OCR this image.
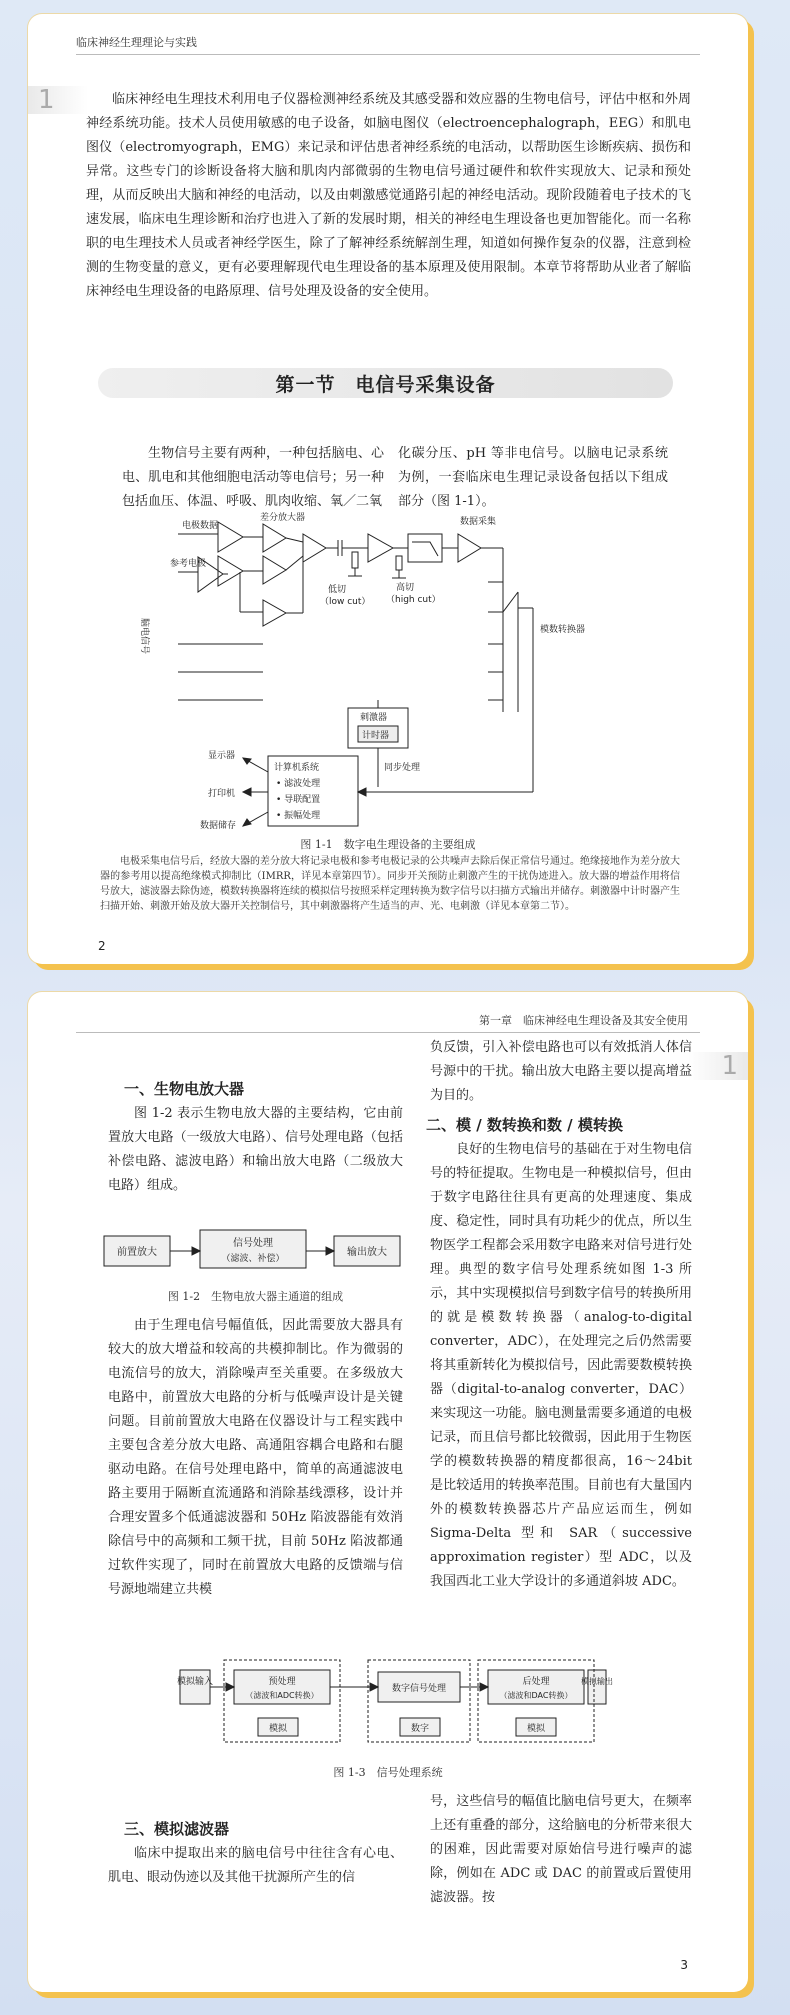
临床神经生理理论与实践
1	临床神经电生理技术利用电子仪器检测神经系统及其感受器和效应器的生物电信号，评估中枢和外周神经系统功能。技术人员使用敏感的电子设备，如脑电图仪（electroencephalograph，EEG）和肌电图仪（electromyograph，EMG）来记录和评估患者神经系统的电活动，以帮助医生诊断疾病、损伤和异常。这些专门的诊断设备将大脑和肌肉内部微弱的生物电信号通过硬件和软件实现放大、记录和预处理，从而反映出大脑和神经的电活动，以及由刺激感觉通路引起的神经电活动。现阶段随着电子技术的飞速发展，临床电生理诊断和治疗也进入了新的发展时期，相关的神经电生理设备也更加智能化。而一名称职的电生理技术人员或者神经学医生，除了了解神经系统解剖生理，知道如何操作复杂的仪器，注意到检测的生物变量的意义，更有必要理解现代电生理设备的基本原理及使用限制。本章节将帮助从业者了解临床神经电生理设备的电路原理、信号处理及设备的安全使用。

第一节　电信号采集设备

生物信号主要有两种，一种包括脑电、心电、肌电和其他细胞电活动等电信号；另一种包括血压、体温、呼吸、肌肉收缩、氧／二氧

化碳分压、pH 等非电信号。以脑电记录系统为例，一套临床电生理记录设备包括以下组成部分（图 1-1）。

电极数据
参考电极
脑电信号
差分放大器
低切
（low cut）
高切
（high cut）
数据采集
模数转换器
刺激器
计时器
同步处理
显示器
打印机
数据储存
计算机系统
• 滤波处理
• 导联配置
• 振幅处理
图 1-1　数字电生理设备的主要组成

电极采集电信号后，经放大器的差分放大将记录电极和参考电极记录的公共噪声去除后保正常信号通过。绝缘接地作为差分放大器的参考用以提高绝缘模式抑制比（IMRR，详见本章第四节）。同步开关预防止刺激产生的干扰伪迹进入。放大器的增益作用将信号放大，滤波器去除伪迹，模数转换器将连续的模拟信号按照采样定理转换为数字信号以扫描方式输出并储存。刺激器中计时器产生扫描开始、刺激开始及放大器开关控制信号，其中刺激器将产生适当的声、光、电刺激（详见本章第二节）。

2
第一章　临床神经电生理设备及其安全使用
1
一、生物电放大器

图 1-2 表示生物电放大器的主要结构，它由前置放大电路（一级放大电路）、信号处理电路（包括补偿电路、滤波电路）和输出放大电路（二级放大电路）组成。

前置放大
信号处理
（滤波、补偿）
输出放大
图 1-2　生物电放大器主通道的组成

由于生理电信号幅值低，因此需要放大器具有较大的放大增益和较高的共模抑制比。作为微弱的电流信号的放大，消除噪声至关重要。在多级放大电路中，前置放大电路的分析与低噪声设计是关键问题。目前前置放大电路在仪器设计与工程实践中主要包含差分放大电路、高通阻容耦合电路和右腿驱动电路。在信号处理电路中，简单的高通滤波电路主要用于隔断直流通路和消除基线漂移，设计并合理安置多个低通滤波器和 50Hz 陷波器能有效消除信号中的高频和工频干扰，目前 50Hz 陷波都通过软件实现了，同时在前置放大电路的反馈端与信号源地端建立共模

负反馈，引入补偿电路也可以有效抵消人体信号源中的干扰。输出放大电路主要以提高增益为目的。

二、模 / 数转换和数 / 模转换

良好的生物电信号的基础在于对生物电信号的特征提取。生物电是一种模拟信号，但由于数字电路往往具有更高的处理速度、集成度、稳定性，同时具有功耗少的优点，所以生物医学工程都会采用数字电路来对信号进行处理。典型的数字信号处理系统如图 1-3 所示，其中实现模拟信号到数字信号的转换所用的就是模数转换器（analog-to-digital converter，ADC），在处理完之后仍然需要将其重新转化为模拟信号，因此需要数模转换器（digital-to-analog converter，DAC）来实现这一功能。脑电测量需要多通道的电极记录，而且信号都比较微弱，因此用于生物医学的模数转换器的精度都很高，16～24bit 是比较适用的转换率范围。目前也有大量国内外的模数转换器芯片产品应运而生，例如 Sigma-Delta 型和 SAR（successive approximation register）型 ADC，以及我国西北工业大学设计的多通道斜坡 ADC。

模拟输入	预处理
（滤波和ADC转换）
数字信号处理
后处理
（滤波和DAC转换）
模拟输出
模拟	数字	模拟
图 1-3　信号处理系统
三、模拟滤波器

临床中提取出来的脑电信号中往往含有心电、肌电、眼动伪迹以及其他干扰源所产生的信

号，这些信号的幅值比脑电信号更大，在频率上还有重叠的部分，这给脑电的分析带来很大的困难，因此需要对原始信号进行噪声的滤除，例如在 ADC 或 DAC 的前置或后置使用滤波器。按

3
